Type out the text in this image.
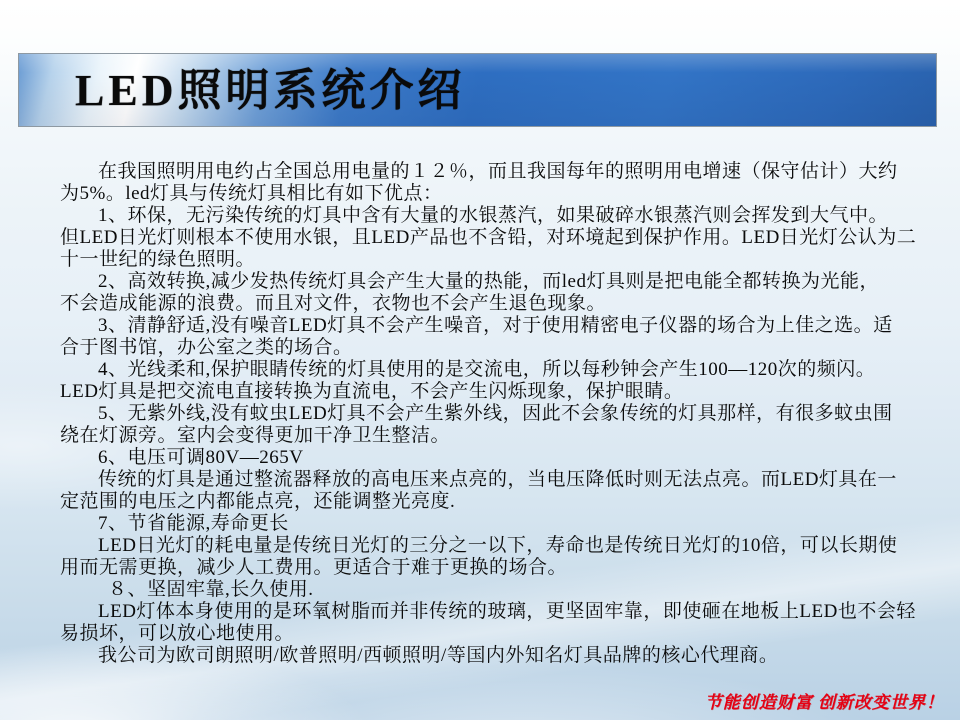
LED照明系统介绍
在我国照明用电约占全国总用电量的１２％，而且我国每年的照明用电增速（保守估计）大约
为5%。led灯具与传统灯具相比有如下优点：
1、环保，无污染传统的灯具中含有大量的水银蒸汽，如果破碎水银蒸汽则会挥发到大气中。
但LED日光灯则根本不使用水银，且LED产品也不含铅，对环境起到保护作用。LED日光灯公认为二
十一世纪的绿色照明。
2、高效转换,减少发热传统灯具会产生大量的热能，而led灯具则是把电能全都转换为光能，
不会造成能源的浪费。而且对文件，衣物也不会产生退色现象。
3、清静舒适,没有噪音LED灯具不会产生噪音，对于使用精密电子仪器的场合为上佳之选。适
合于图书馆，办公室之类的场合。
4、光线柔和,保护眼睛传统的灯具使用的是交流电，所以每秒钟会产生100—120次的频闪。
LED灯具是把交流电直接转换为直流电，不会产生闪烁现象，保护眼睛。
5、无紫外线,没有蚊虫LED灯具不会产生紫外线，因此不会象传统的灯具那样，有很多蚊虫围
绕在灯源旁。室内会变得更加干净卫生整洁。
6、电压可调80V—265V
传统的灯具是通过整流器释放的高电压来点亮的，当电压降低时则无法点亮。而LED灯具在一
定范围的电压之内都能点亮，还能调整光亮度.
7、节省能源,寿命更长
LED日光灯的耗电量是传统日光灯的三分之一以下，寿命也是传统日光灯的10倍，可以长期使
用而无需更换，减少人工费用。更适合于难于更换的场合。
８、坚固牢靠,长久使用.
LED灯体本身使用的是环氧树脂而并非传统的玻璃，更坚固牢靠，即使砸在地板上LED也不会轻
易损坏，可以放心地使用。
我公司为欧司朗照明/欧普照明/西顿照明/等国内外知名灯具品牌的核心代理商。
节能创造财富 创新改变世界！
